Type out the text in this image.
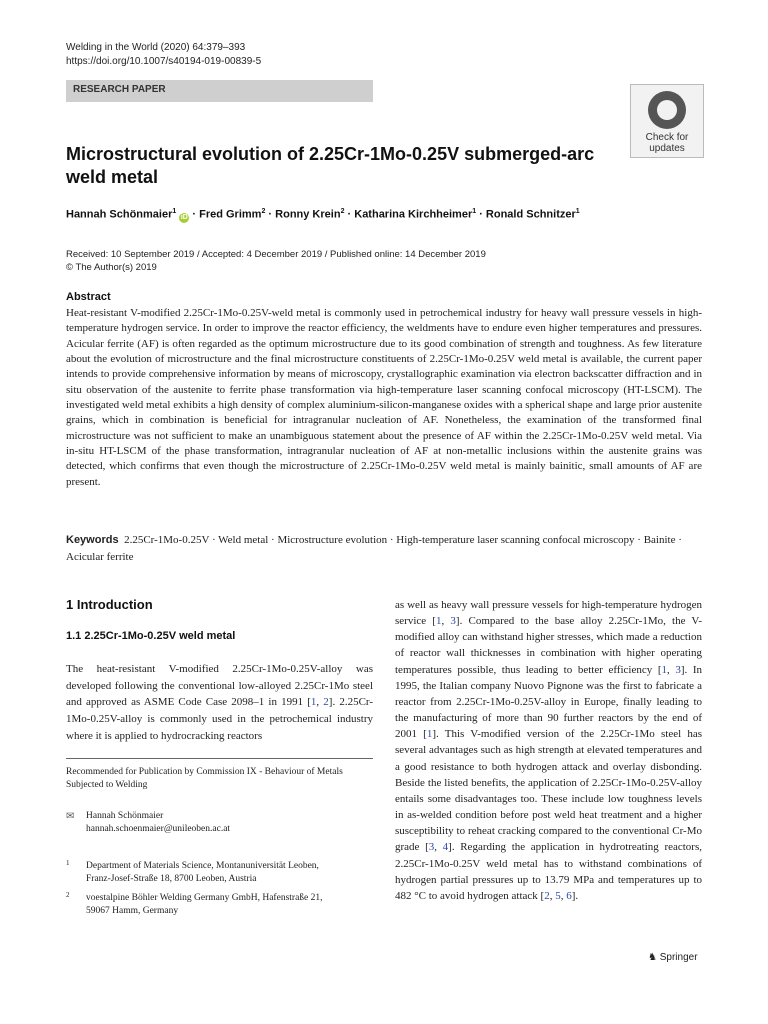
Welding in the World (2020) 64:379–393
https://doi.org/10.1007/s40194-019-00839-5
RESEARCH PAPER
Check for
updates
Microstructural evolution of 2.25Cr-1Mo-0.25V submerged-arc weld metal
Hannah Schönmaier$^1$ iD · Fred Grimm$^2$ · Ronny Krein$^2$ · Katharina Kirchheimer$^1$ · Ronald Schnitzer$^1$
Received: 10 September 2019 / Accepted: 4 December 2019 / Published online: 14 December 2019
© The Author(s) 2019
Abstract

Heat-resistant V-modified 2.25Cr-1Mo-0.25V-weld metal is commonly used in petrochemical industry for heavy wall pressure vessels in high-temperature hydrogen service. In order to improve the reactor efficiency, the weldments have to endure even higher temperatures and pressures. Acicular ferrite (AF) is often regarded as the optimum microstructure due to its good combination of strength and toughness. As few literature about the evolution of microstructure and the final microstructure constituents of 2.25Cr-1Mo-0.25V weld metal is available, the current paper intends to provide comprehensive information by means of microscopy, crystallographic examination via electron backscatter diffraction and in situ observation of the austenite to ferrite phase transformation via high-temperature laser scanning confocal microscopy (HT-LSCM). The investigated weld metal exhibits a high density of complex aluminium-silicon-manganese oxides with a spherical shape and large prior austenite grains, which in combination is beneficial for intragranular nucleation of AF. Nonetheless, the examination of the transformed final microstructure was not sufficient to make an unambiguous statement about the presence of AF within the 2.25Cr-1Mo-0.25V weld metal. Via in-situ HT-LSCM of the phase transformation, intragranular nucleation of AF at non-metallic inclusions within the austenite grains was detected, which confirms that even though the microstructure of 2.25Cr-1Mo-0.25V weld metal is mainly bainitic, small amounts of AF are present.

Keywords 2.25Cr-1Mo-0.25V · Weld metal · Microstructure evolution · High-temperature laser scanning confocal microscopy · Bainite · Acicular ferrite

1 Introduction
1.1 2.25Cr-1Mo-0.25V weld metal

The heat-resistant V-modified 2.25Cr-1Mo-0.25V-alloy was developed following the conventional low-alloyed 2.25Cr-1Mo steel and approved as ASME Code Case 2098–1 in 1991 [1, 2]. 2.25Cr-1Mo-0.25V-alloy is commonly used in the petrochemical industry where it is applied to hydrocracking reactors

Recommended for Publication by Commission IX - Behaviour of Metals Subjected to Welding

✉ Hannah Schönmaier
hannah.schoenmaier@unileoben.ac.at
1 Department of Materials Science, Montanuniversität Leoben,
Franz-Josef-Straße 18, 8700 Leoben, Austria
2 voestalpine Böhler Welding Germany GmbH, Hafenstraße 21,
59067 Hamm, Germany

as well as heavy wall pressure vessels for high-temperature hydrogen service [1, 3]. Compared to the base alloy 2.25Cr-1Mo, the V-modified alloy can withstand higher stresses, which made a reduction of reactor wall thicknesses in combination with higher operating temperatures possible, thus leading to better efficiency [1, 3]. In 1995, the Italian company Nuovo Pignone was the first to fabricate a reactor from 2.25Cr-1Mo-0.25V-alloy in Europe, finally leading to the manufacturing of more than 90 further reactors by the end of 2001 [1]. This V-modified version of the 2.25Cr-1Mo steel has several advantages such as high strength at elevated temperatures and a good resistance to both hydrogen attack and overlay disbonding. Beside the listed benefits, the application of 2.25Cr-1Mo-0.25V-alloy entails some disadvantages too. These include low toughness levels in as-welded condition before post weld heat treatment and a higher susceptibility to reheat cracking compared to the conventional Cr-Mo grade [3, 4]. Regarding the application in hydrotreating reactors, 2.25Cr-1Mo-0.25V weld metal has to withstand combinations of hydrogen partial pressures up to 13.79 MPa and temperatures up to 482 °C to avoid hydrogen attack [2, 5, 6].

♞ Springer
